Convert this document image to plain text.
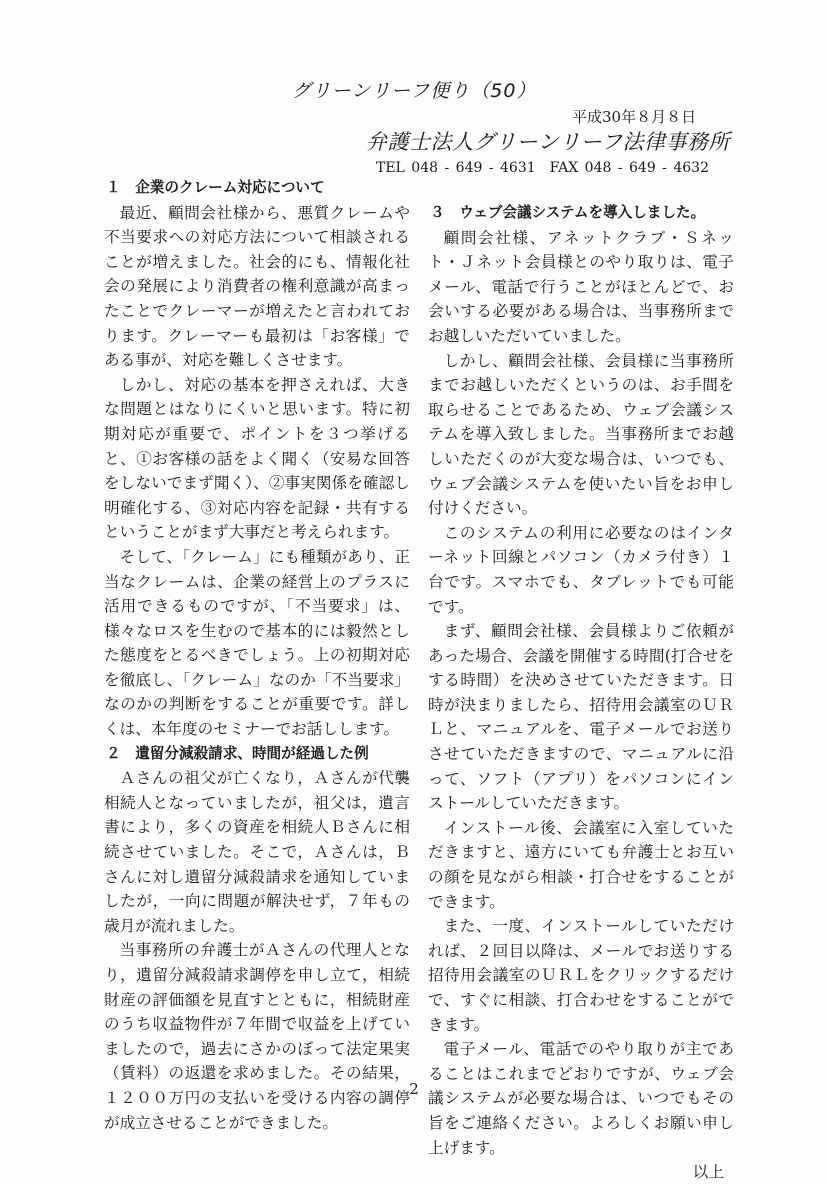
グリーンリーフ便り（50）
平成30年８月８日
弁護士法人グリーンリーフ法律事務所
TEL 048 - 649 - 4631　FAX 048 - 649 - 4632
１　企業のクレーム対応について

最近、顧問会社様から、悪質クレームや不当要求への対応方法について相談されることが増えました。社会的にも、情報化社会の発展により消費者の権利意識が高まったことでクレーマーが増えたと言われております。クレーマーも最初は「お客様」である事が、対応を難しくさせます。

しかし、対応の基本を押さえれば、大きな問題とはなりにくいと思います。特に初期対応が重要で、ポイントを３つ挙げると、①お客様の話をよく聞く（安易な回答をしないでまず聞く）、②事実関係を確認し明確化する、③対応内容を記録・共有するということがまず大事だと考えられます。

そして、「クレーム」にも種類があり、正当なクレームは、企業の経営上のプラスに活用できるものですが、「不当要求」は、様々なロスを生むので基本的には毅然とした態度をとるべきでしょう。上の初期対応を徹底し、「クレーム」なのか「不当要求」なのかの判断をすることが重要です。詳しくは、本年度のセミナーでお話しします。

２　遺留分減殺請求、時間が経過した例

Ａさんの祖父が亡くなり，Ａさんが代襲相続人となっていましたが，祖父は，遺言書により，多くの資産を相続人Ｂさんに相続させていました。そこで，Ａさんは，Ｂさんに対し遺留分減殺請求を通知していましたが，一向に問題が解決せず，７年もの歳月が流れました。

当事務所の弁護士がＡさんの代理人となり，遺留分減殺請求調停を申し立て，相続財産の評価額を見直すとともに，相続財産のうち収益物件が７年間で収益を上げていましたので，過去にさかのぼって法定果実（賃料）の返還を求めました。その結果，１２００万円の支払いを受ける内容の調停が成立させることができました。

３　ウェブ会議システムを導入しました。

顧問会社様、アネットクラブ・Ｓネット・Ｊネット会員様とのやり取りは、電子メール、電話で行うことがほとんどで、お会いする必要がある場合は、当事務所までお越しいただいていました。

しかし、顧問会社様、会員様に当事務所までお越しいただくというのは、お手間を取らせることであるため、ウェブ会議システムを導入致しました。当事務所までお越しいただくのが大変な場合は、いつでも、ウェブ会議システムを使いたい旨をお申し付けください。

このシステムの利用に必要なのはインターネット回線とパソコン（カメラ付き）１台です。スマホでも、タブレットでも可能です。

まず、顧問会社様、会員様よりご依頼があった場合、会議を開催する時間(打合せをする時間）を決めさせていただきます。日時が決まりましたら、招待用会議室のＵＲＬと、マニュアルを、電子メールでお送りさせていただきますので、マニュアルに沿って、ソフト（アプリ）をパソコンにインストールしていただきます。

インストール後、会議室に入室していただきますと、遠方にいても弁護士とお互いの顔を見ながら相談・打合せをすることができます。

また、一度、インストールしていただければ、２回目以降は、メールでお送りする招待用会議室のＵＲＬをクリックするだけで、すぐに相談、打合わせをすることができます。

電子メール、電話でのやり取りが主であることはこれまでどおりですが、ウェブ会議システムが必要な場合は、いつでもその旨をご連絡ください。よろしくお願い申し上げます。

以上
2
